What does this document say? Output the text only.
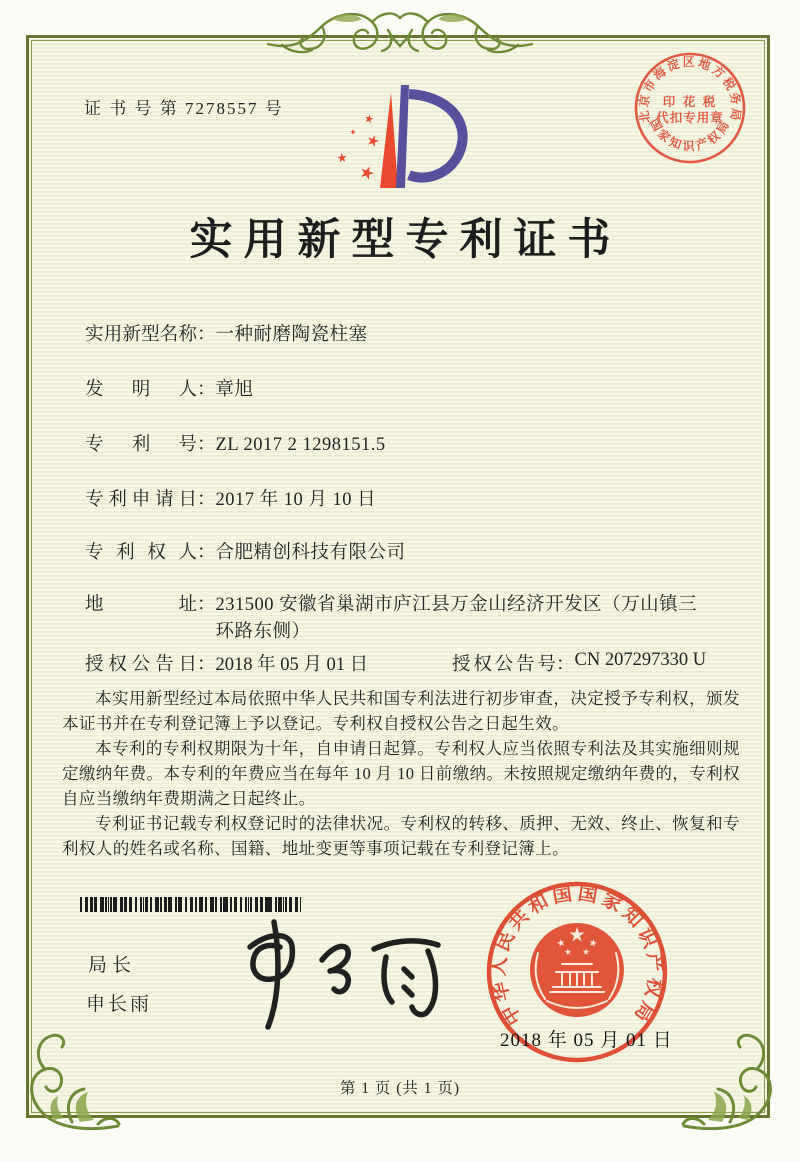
证 书 号 第 7278557 号
实用新型专利证书
实用新型名称：一种耐磨陶瓷柱塞
发明人：章旭
专利号：ZL 2017 2 1298151.5
专利申请日：2017 年 10 月 10 日
专利权人：合肥精创科技有限公司
地址：231500 安徽省巢湖市庐江县万金山经济开发区（万山镇三环路东侧）
授权公告日：2018 年 05 月 01 日	授权公告号：CN 207297330 U

本实用新型经过本局依照中华人民共和国专利法进行初步审查，决定授予专利权，颁发本证书并在专利登记簿上予以登记。专利权自授权公告之日起生效。

本专利的专利权期限为十年，自申请日起算。专利权人应当依照专利法及其实施细则规定缴纳年费。本专利的年费应当在每年 10 月 10 日前缴纳。未按照规定缴纳年费的，专利权自应当缴纳年费期满之日起终止。

专利证书记载专利权登记时的法律状况。专利权的转移、质押、无效、终止、恢复和专利权人的姓名或名称、国籍、地址变更等事项记载在专利登记簿上。

局长
申长雨
北京市海淀区地方税务局
国家知识产权局
印 花 税
代扣专用章
中华人民共和国国家知识产权局
2018 年 05 月 01 日
第 1 页 (共 1 页)
